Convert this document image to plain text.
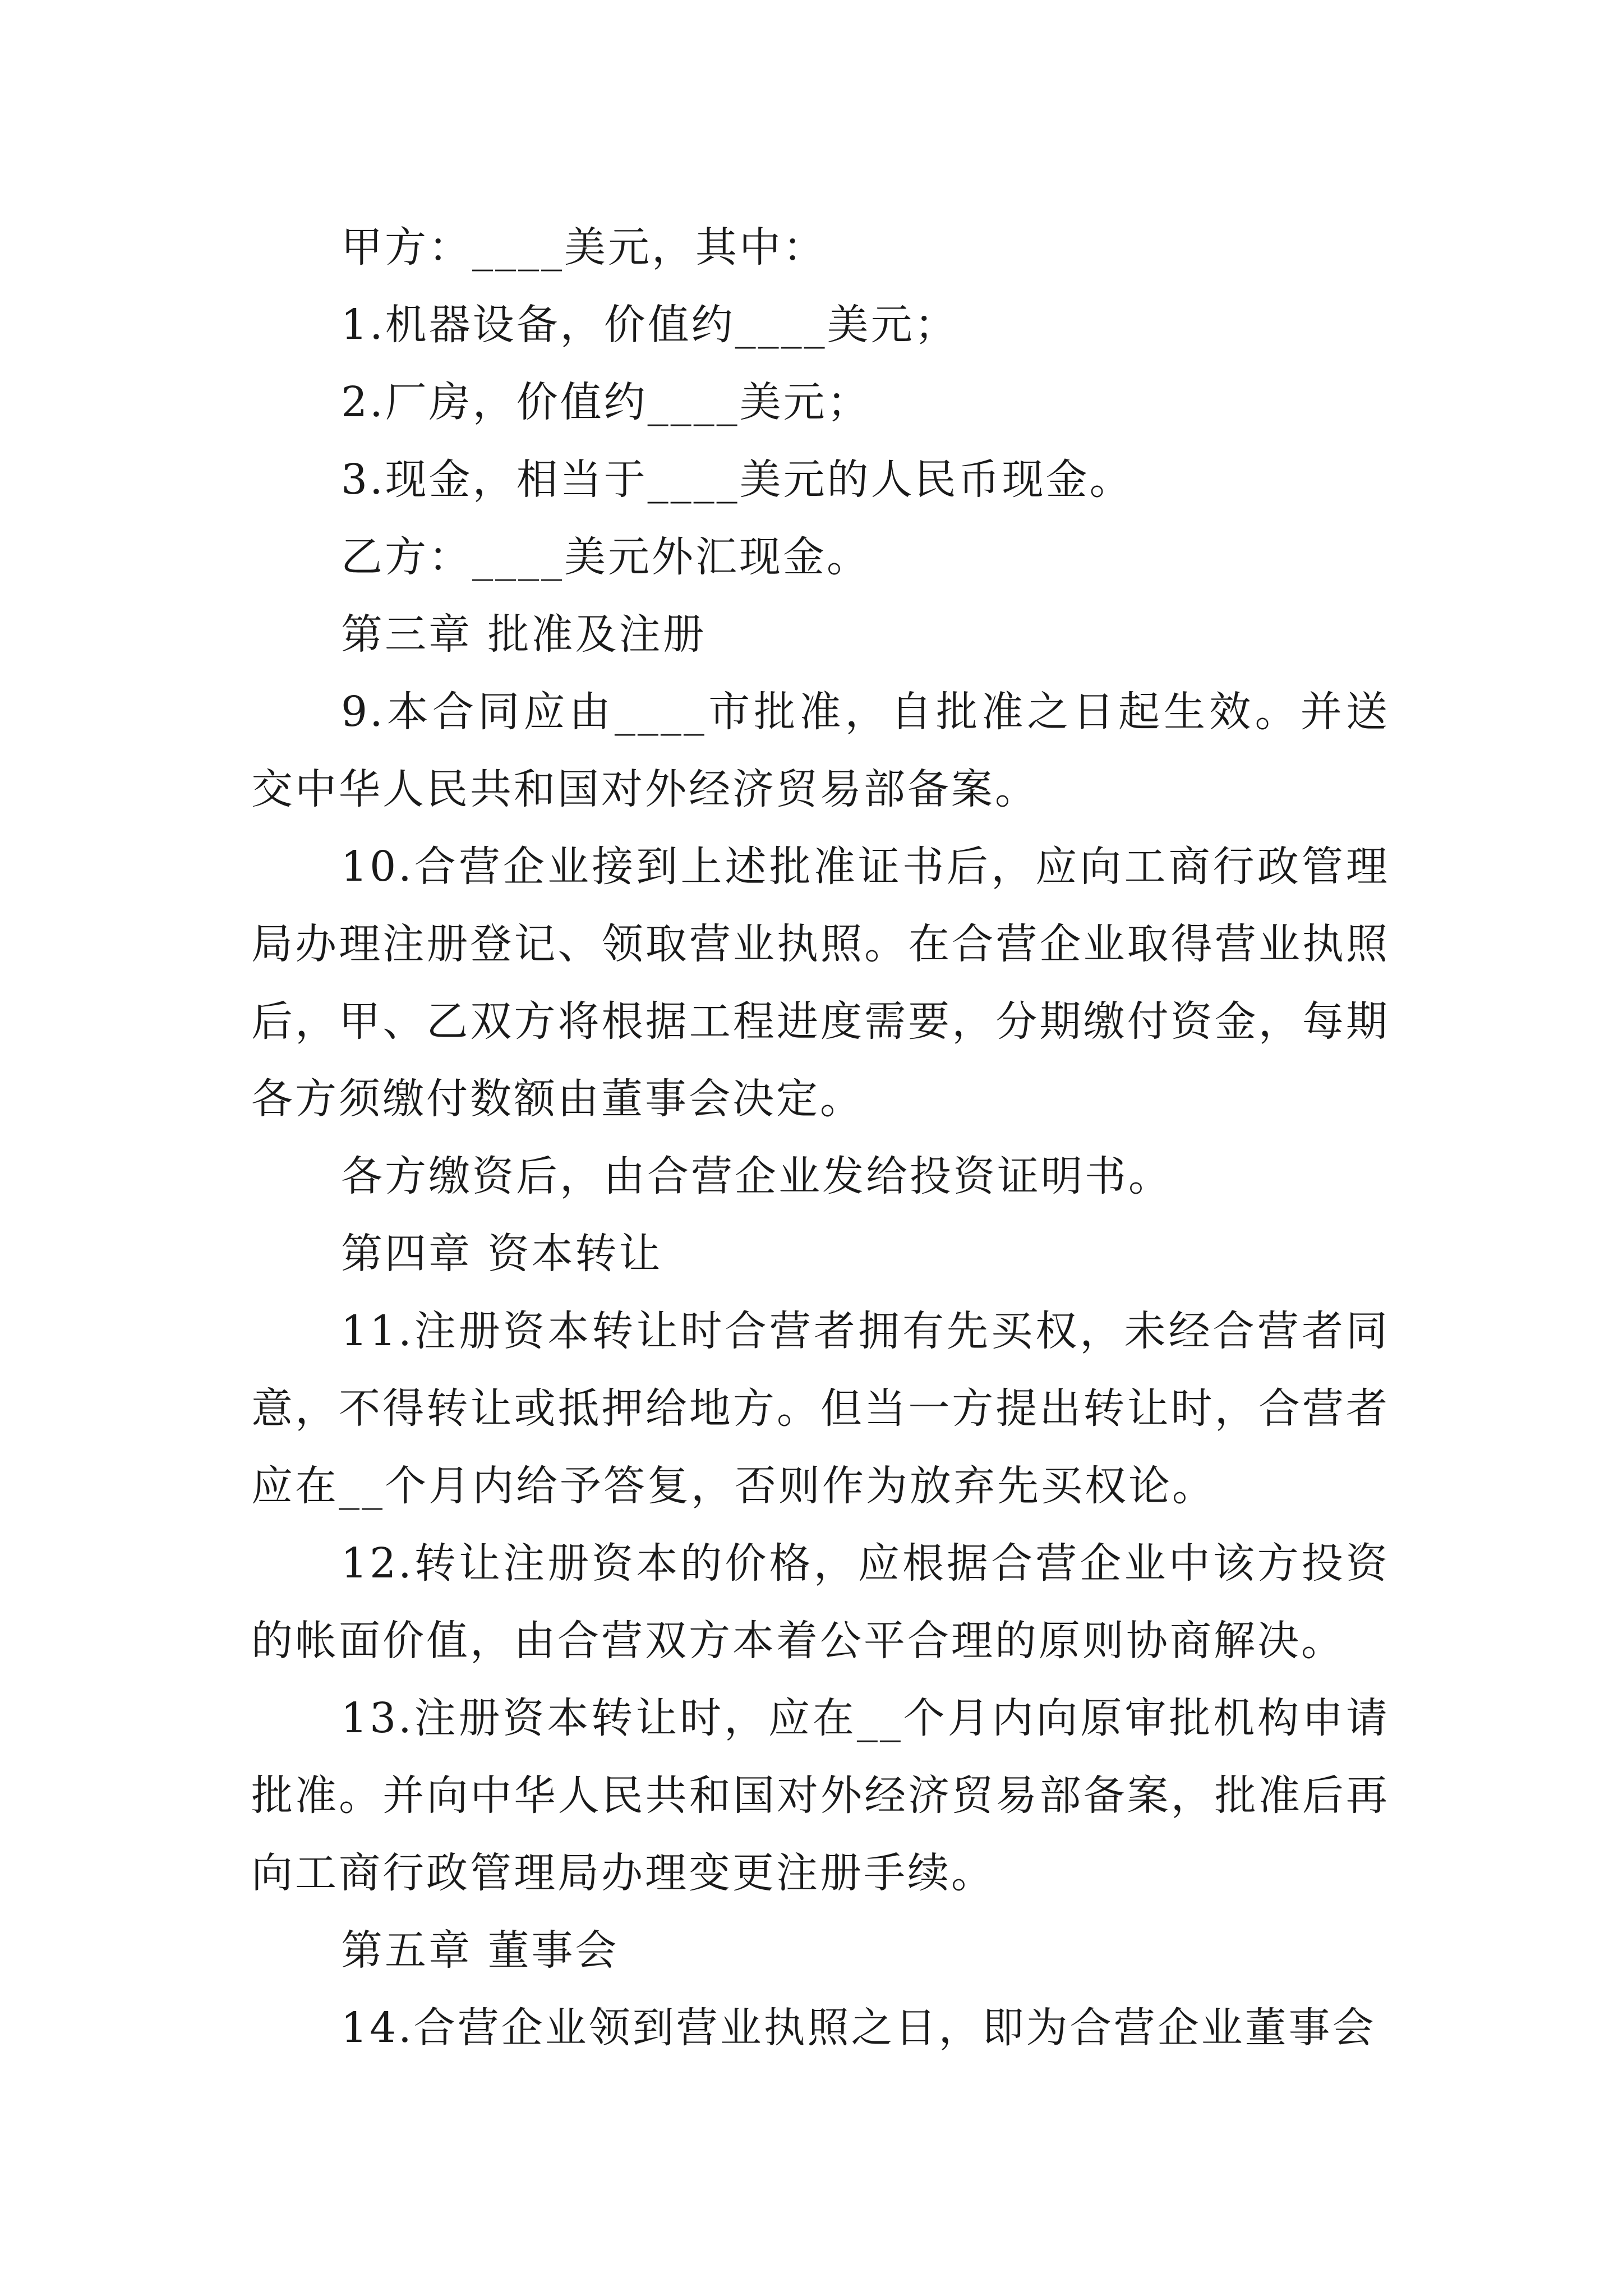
甲方：____美元，其中：

1.机器设备，价值约____美元；

2.厂房，价值约____美元；

3.现金，相当于____美元的人民币现金。

乙方：____美元外汇现金。

第三章 批准及注册

9.本合同应由____市批准，自批准之日起生效。并送交中华人民共和国对外经济贸易部备案。

10.合营企业接到上述批准证书后，应向工商行政管理局办理注册登记、领取营业执照。在合营企业取得营业执照后，甲、乙双方将根据工程进度需要，分期缴付资金，每期各方须缴付数额由董事会决定。

各方缴资后，由合营企业发给投资证明书。

第四章 资本转让

11.注册资本转让时合营者拥有先买权，未经合营者同意，不得转让或抵押给地方。但当一方提出转让时，合营者应在__个月内给予答复，否则作为放弃先买权论。

12.转让注册资本的价格，应根据合营企业中该方投资的帐面价值，由合营双方本着公平合理的原则协商解决。

13.注册资本转让时，应在__个月内向原审批机构申请批准。并向中华人民共和国对外经济贸易部备案，批准后再向工商行政管理局办理变更注册手续。

第五章 董事会

14.合营企业领到营业执照之日，即为合营企业董事会
